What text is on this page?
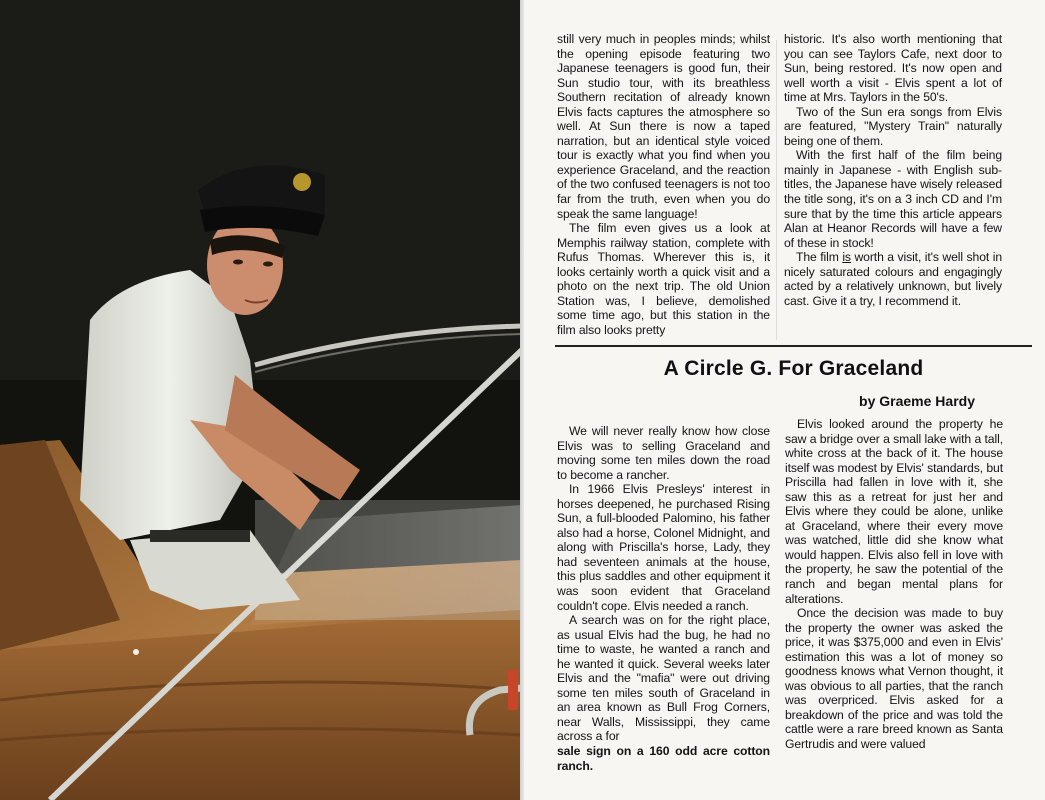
still very much in peoples minds; whilst the opening episode featuring two Japanese teenagers is good fun, their Sun studio tour, with its breathless Southern recitation of already known Elvis facts captures the atmosphere so well. At Sun there is now a taped narration, but an identical style voiced tour is exactly what you find when you experience Graceland, and the reaction of the two confused teenagers is not too far from the truth, even when you do speak the same language!

The film even gives us a look at Memphis railway station, complete with Rufus Thomas. Wherever this is, it looks certainly worth a quick visit and a photo on the next trip. The old Union Station was, I believe, demolished some time ago, but this station in the film also looks pretty

historic. It's also worth mentioning that you can see Taylors Cafe, next door to Sun, being restored. It's now open and well worth a visit - Elvis spent a lot of time at Mrs. Taylors in the 50's.

Two of the Sun era songs from Elvis are featured, "Mystery Train" naturally being one of them.

With the first half of the film being mainly in Japanese - with English sub-titles, the Japanese have wisely released the title song, it's on a 3 inch CD and I'm sure that by the time this article appears Alan at Heanor Records will have a few of these in stock!

The film is worth a visit, it's well shot in nicely saturated colours and engagingly acted by a relatively unknown, but lively cast. Give it a try, I recommend it.

A Circle G. For Graceland
by Graeme Hardy

We will never really know how close Elvis was to selling Graceland and moving some ten miles down the road to become a rancher.

In 1966 Elvis Presleys' interest in horses deepened, he purchased Rising Sun, a full-blooded Palomino, his father also had a horse, Colonel Midnight, and along with Priscilla's horse, Lady, they had seventeen animals at the house, this plus saddles and other equipment it was soon evident that Graceland couldn't cope. Elvis needed a ranch.

A search was on for the right place, as usual Elvis had the bug, he had no time to waste, he wanted a ranch and he wanted it quick. Several weeks later Elvis and the "mafia" were out driving some ten miles south of Graceland in an area known as Bull Frog Corners, near Walls, Mississippi, they came across a for

sale sign on a 160 odd acre cotton ranch.

Elvis looked around the property he saw a bridge over a small lake with a tall, white cross at the back of it. The house itself was modest by Elvis' standards, but Priscilla had fallen in love with it, she saw this as a retreat for just her and Elvis where they could be alone, unlike at Graceland, where their every move was watched, little did she know what would happen. Elvis also fell in love with the property, he saw the potential of the ranch and began mental plans for alterations.

Once the decision was made to buy the property the owner was asked the price, it was $375,000 and even in Elvis' estimation this was a lot of money so goodness knows what Vernon thought, it was obvious to all parties, that the ranch was overpriced. Elvis asked for a breakdown of the price and was told the cattle were a rare breed known as Santa Gertrudis and were valued
